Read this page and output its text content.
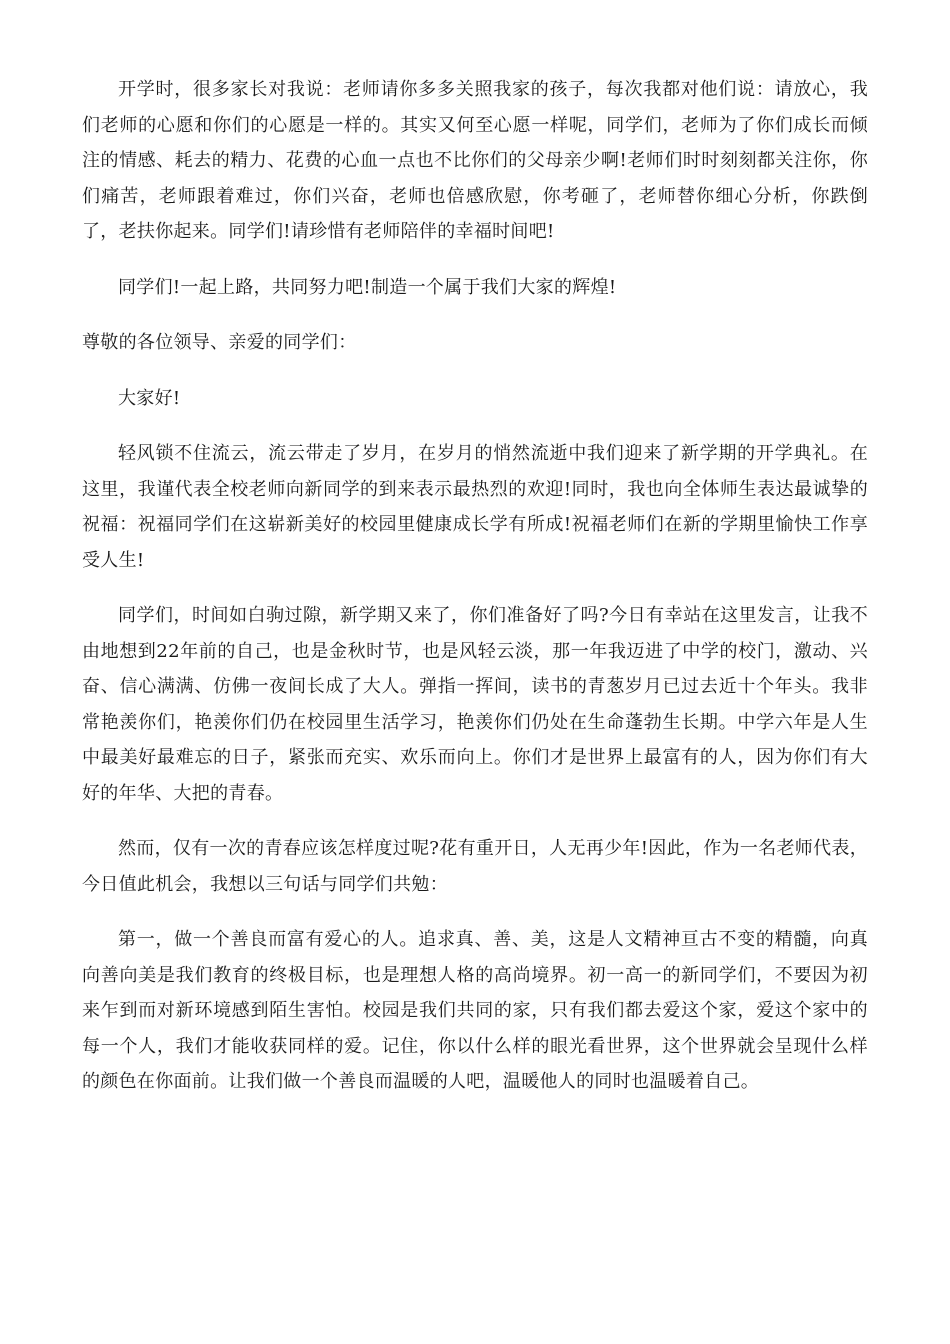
开学时，很多家长对我说：老师请你多多关照我家的孩子，每次我都对他们说：请放心，我们老师的心愿和你们的心愿是一样的。其实又何至心愿一样呢，同学们，老师为了你们成长而倾注的情感、耗去的精力、花费的心血一点也不比你们的父母亲少啊!老师们时时刻刻都关注你，你们痛苦，老师跟着难过，你们兴奋，老师也倍感欣慰，你考砸了，老师替你细心分析，你跌倒了，老扶你起来。同学们!请珍惜有老师陪伴的幸福时间吧!

同学们!一起上路，共同努力吧!制造一个属于我们大家的辉煌!

尊敬的各位领导、亲爱的同学们：

大家好!

轻风锁不住流云，流云带走了岁月，在岁月的悄然流逝中我们迎来了新学期的开学典礼。在这里，我谨代表全校老师向新同学的到来表示最热烈的欢迎!同时，我也向全体师生表达最诚挚的祝福：祝福同学们在这崭新美好的校园里健康成长学有所成!祝福老师们在新的学期里愉快工作享受人生!

同学们，时间如白驹过隙，新学期又来了，你们准备好了吗?今日有幸站在这里发言，让我不由地想到22年前的自己，也是金秋时节，也是风轻云淡，那一年我迈进了中学的校门，激动、兴奋、信心满满、仿佛一夜间长成了大人。弹指一挥间，读书的青葱岁月已过去近十个年头。我非常艳羡你们，艳羡你们仍在校园里生活学习，艳羡你们仍处在生命蓬勃生长期。中学六年是人生中最美好最难忘的日子，紧张而充实、欢乐而向上。你们才是世界上最富有的人，因为你们有大好的年华、大把的青春。

然而，仅有一次的青春应该怎样度过呢?花有重开日，人无再少年!因此，作为一名老师代表，今日值此机会，我想以三句话与同学们共勉：

第一，做一个善良而富有爱心的人。追求真、善、美，这是人文精神亘古不变的精髓，向真向善向美是我们教育的终极目标，也是理想人格的高尚境界。初一高一的新同学们，不要因为初来乍到而对新环境感到陌生害怕。校园是我们共同的家，只有我们都去爱这个家，爱这个家中的每一个人，我们才能收获同样的爱。记住，你以什么样的眼光看世界，这个世界就会呈现什么样的颜色在你面前。让我们做一个善良而温暖的人吧，温暖他人的同时也温暖着自己。
